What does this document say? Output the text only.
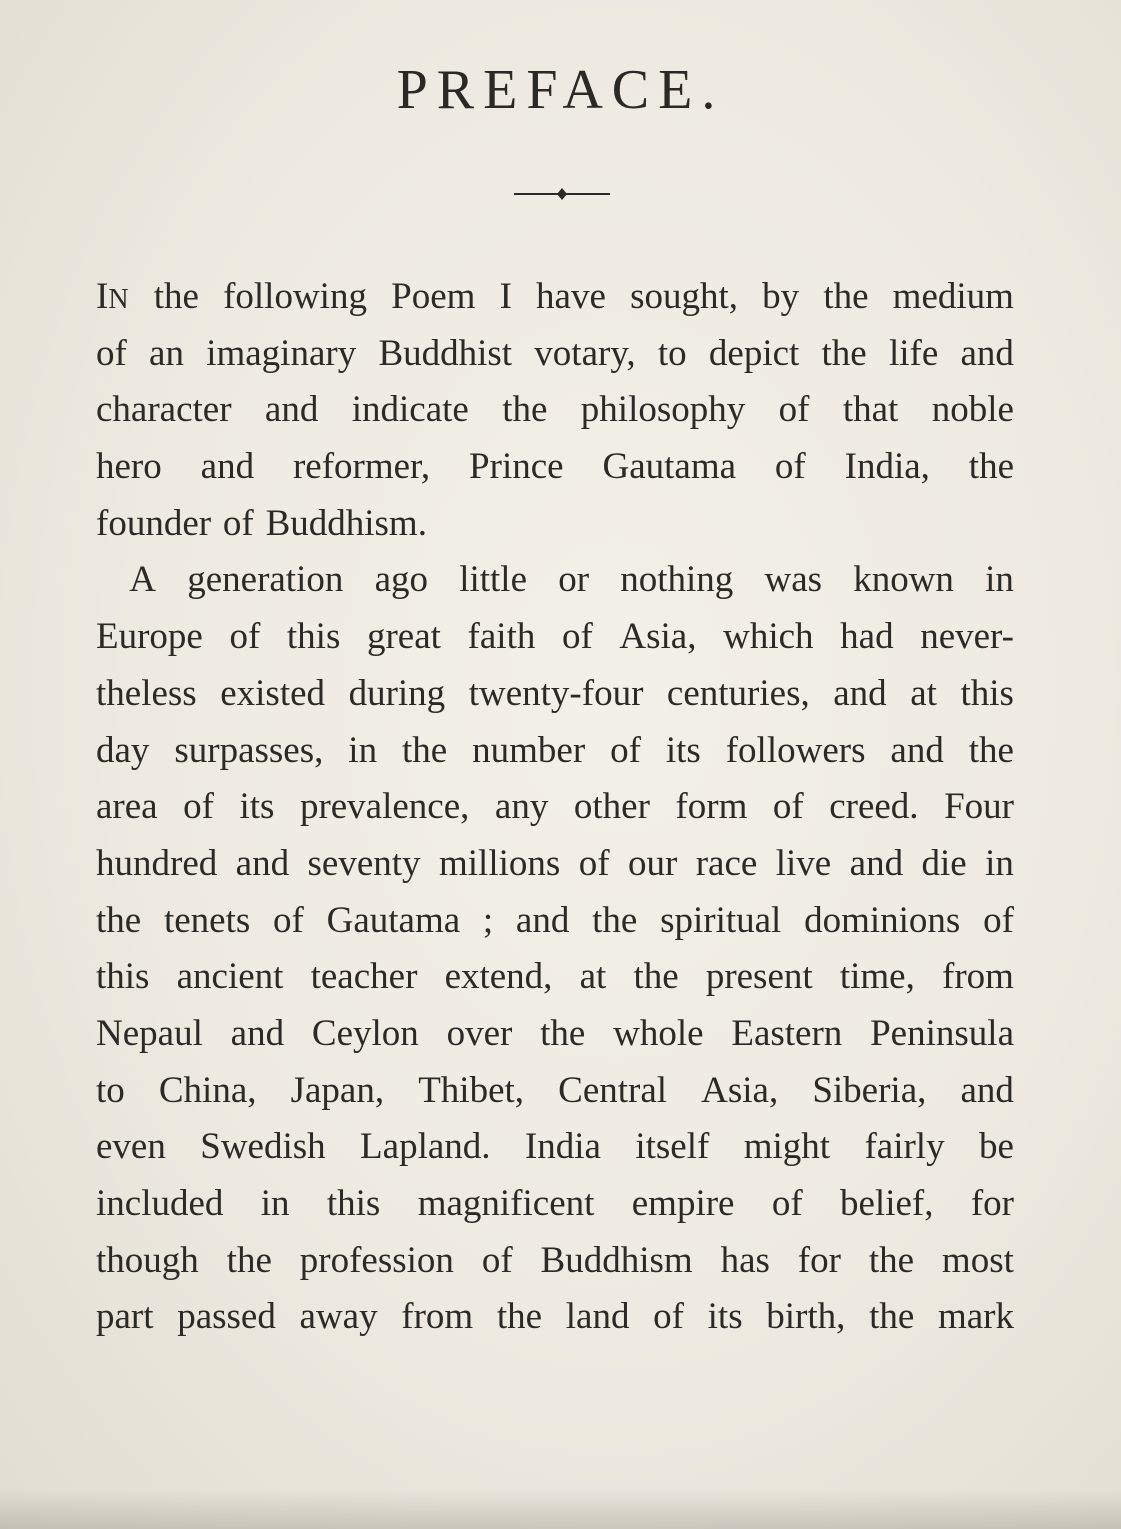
PREFACE.
IN the following Poem I have sought, by the medium
of an imaginary Buddhist votary, to depict the life and
character and indicate the philosophy of that noble
hero and reformer, Prince Gautama of India, the
founder of Buddhism.
A generation ago little or nothing was known in
Europe of this great faith of Asia, which had never-
theless existed during twenty-four centuries, and at this
day surpasses, in the number of its followers and the
area of its prevalence, any other form of creed. Four
hundred and seventy millions of our race live and die in
the tenets of Gautama ; and the spiritual dominions of
this ancient teacher extend, at the present time, from
Nepaul and Ceylon over the whole Eastern Peninsula
to China, Japan, Thibet, Central Asia, Siberia, and
even Swedish Lapland. India itself might fairly be
included in this magnificent empire of belief, for
though the profession of Buddhism has for the most
part passed away from the land of its birth, the mark
